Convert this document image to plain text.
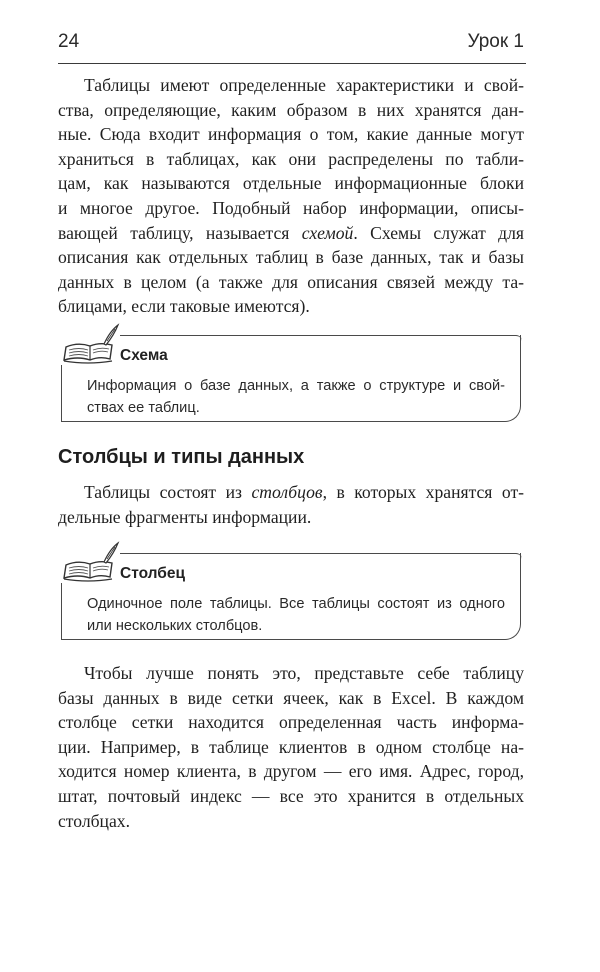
24	Урок 1

Таблицы имеют определенные характеристики и свой-
ства, определяющие, каким образом в них хранятся дан-
ные. Сюда входит информация о том, какие данные могут
храниться в таблицах, как они распределены по табли-
цам, как называются отдельные информационные блоки
и многое другое. Подобный набор информации, описы-
вающей таблицу, называется схемой. Схемы служат для
описания как отдельных таблиц в базе данных, так и базы
данных в целом (а также для описания связей между та-
блицами, если таковые имеются).

Схема
Информация о базе данных, а также о структуре и свой-
ствах ее таблиц.
Столбцы и типы данных

Таблицы состоят из столбцов, в которых хранятся от-
дельные фрагменты информации.

Столбец
Одиночное поле таблицы. Все таблицы состоят из одного
или нескольких столбцов.

Чтобы лучше понять это, представьте себе таблицу
базы данных в виде сетки ячеек, как в Excel. В каждом
столбце сетки находится определенная часть информа-
ции. Например, в таблице клиентов в одном столбце на-
ходится номер клиента, в другом — его имя. Адрес, город,
штат, почтовый индекс — все это хранится в отдельных
столбцах.
